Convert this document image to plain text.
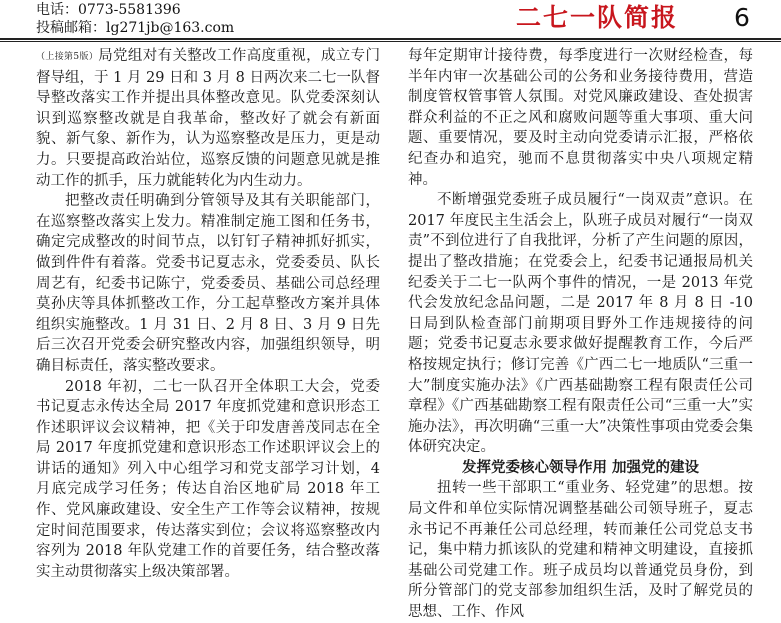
电话：0773-5581396
投稿邮箱：lg271jb@163.com	二七一队简报 6

（上接第5版）局党组对有关整改工作高度重视，成立专门督导组，于 1 月 29 日和 3 月 8 日两次来二七一队督导整改落实工作并提出具体整改意见。队党委深刻认识到巡察整改就是自我革命，整改好了就会有新面貌、新气象、新作为，认为巡察整改是压力，更是动力。只要提高政治站位，巡察反馈的问题意见就是推动工作的抓手，压力就能转化为内生动力。

把整改责任明确到分管领导及其有关职能部门，在巡察整改落实上发力。精准制定施工图和任务书，确定完成整改的时间节点，以钉钉子精神抓好抓实，做到件件有着落。党委书记夏志永，党委委员、队长周艺有，纪委书记陈宁，党委委员、基础公司总经理莫孙庆等具体抓整改工作，分工起草整改方案并具体组织实施整改。1 月 31 日、2 月 8 日、3 月 9 日先后三次召开党委会研究整改内容，加强组织领导，明确目标责任，落实整改要求。

2018 年初，二七一队召开全体职工大会，党委书记夏志永传达全局 2017 年度抓党建和意识形态工作述职评议会议精神，把《关于印发唐善茂同志在全局 2017 年度抓党建和意识形态工作述职评议会上的讲话的通知》列入中心组学习和党支部学习计划，4 月底完成学习任务；传达自治区地矿局 2018 年工作、党风廉政建设、安全生产工作等会议精神，按规定时间范围要求，传达落实到位；会议将巡察整改内容列为 2018 年队党建工作的首要任务，结合整改落实主动贯彻落实上级决策部署。

每年定期审计接待费，每季度进行一次财经检查，每半年内审一次基础公司的公务和业务接待费用，营造制度管权管事管人氛围。对党风廉政建设、查处损害群众利益的不正之风和腐败问题等重大事项、重大问题、重要情况，要及时主动向党委请示汇报，严格依纪查办和追究，驰而不息贯彻落实中央八项规定精神。

不断增强党委班子成员履行“一岗双责”意识。在 2017 年度民主生活会上，队班子成员对履行“一岗双责”不到位进行了自我批评，分析了产生问题的原因，提出了整改措施；在党委会上，纪委书记通报局机关纪委关于二七一队两个事件的情况，一是 2013 年党代会发放纪念品问题，二是 2017 年 8 月 8 日 -10 日局到队检查部门前期项目野外工作违规接待的问题；党委书记夏志永要求做好提醒教育工作，今后严格按规定执行；修订完善《广西二七一地质队“三重一大”制度实施办法》《广西基础勘察工程有限责任公司章程》《广西基础勘察工程有限责任公司“三重一大”实施办法》，再次明确“三重一大”决策性事项由党委会集体研究决定。

发挥党委核心领导作用 加强党的建设

扭转一些干部职工“重业务、轻党建”的思想。按局文件和单位实际情况调整基础公司领导班子，夏志永书记不再兼任公司总经理，转而兼任公司党总支书记，集中精力抓该队的党建和精神文明建设，直接抓基础公司党建工作。班子成员均以普通党员身份，到所分管部门的党支部参加组织生活，及时了解党员的思想、工作、作风
